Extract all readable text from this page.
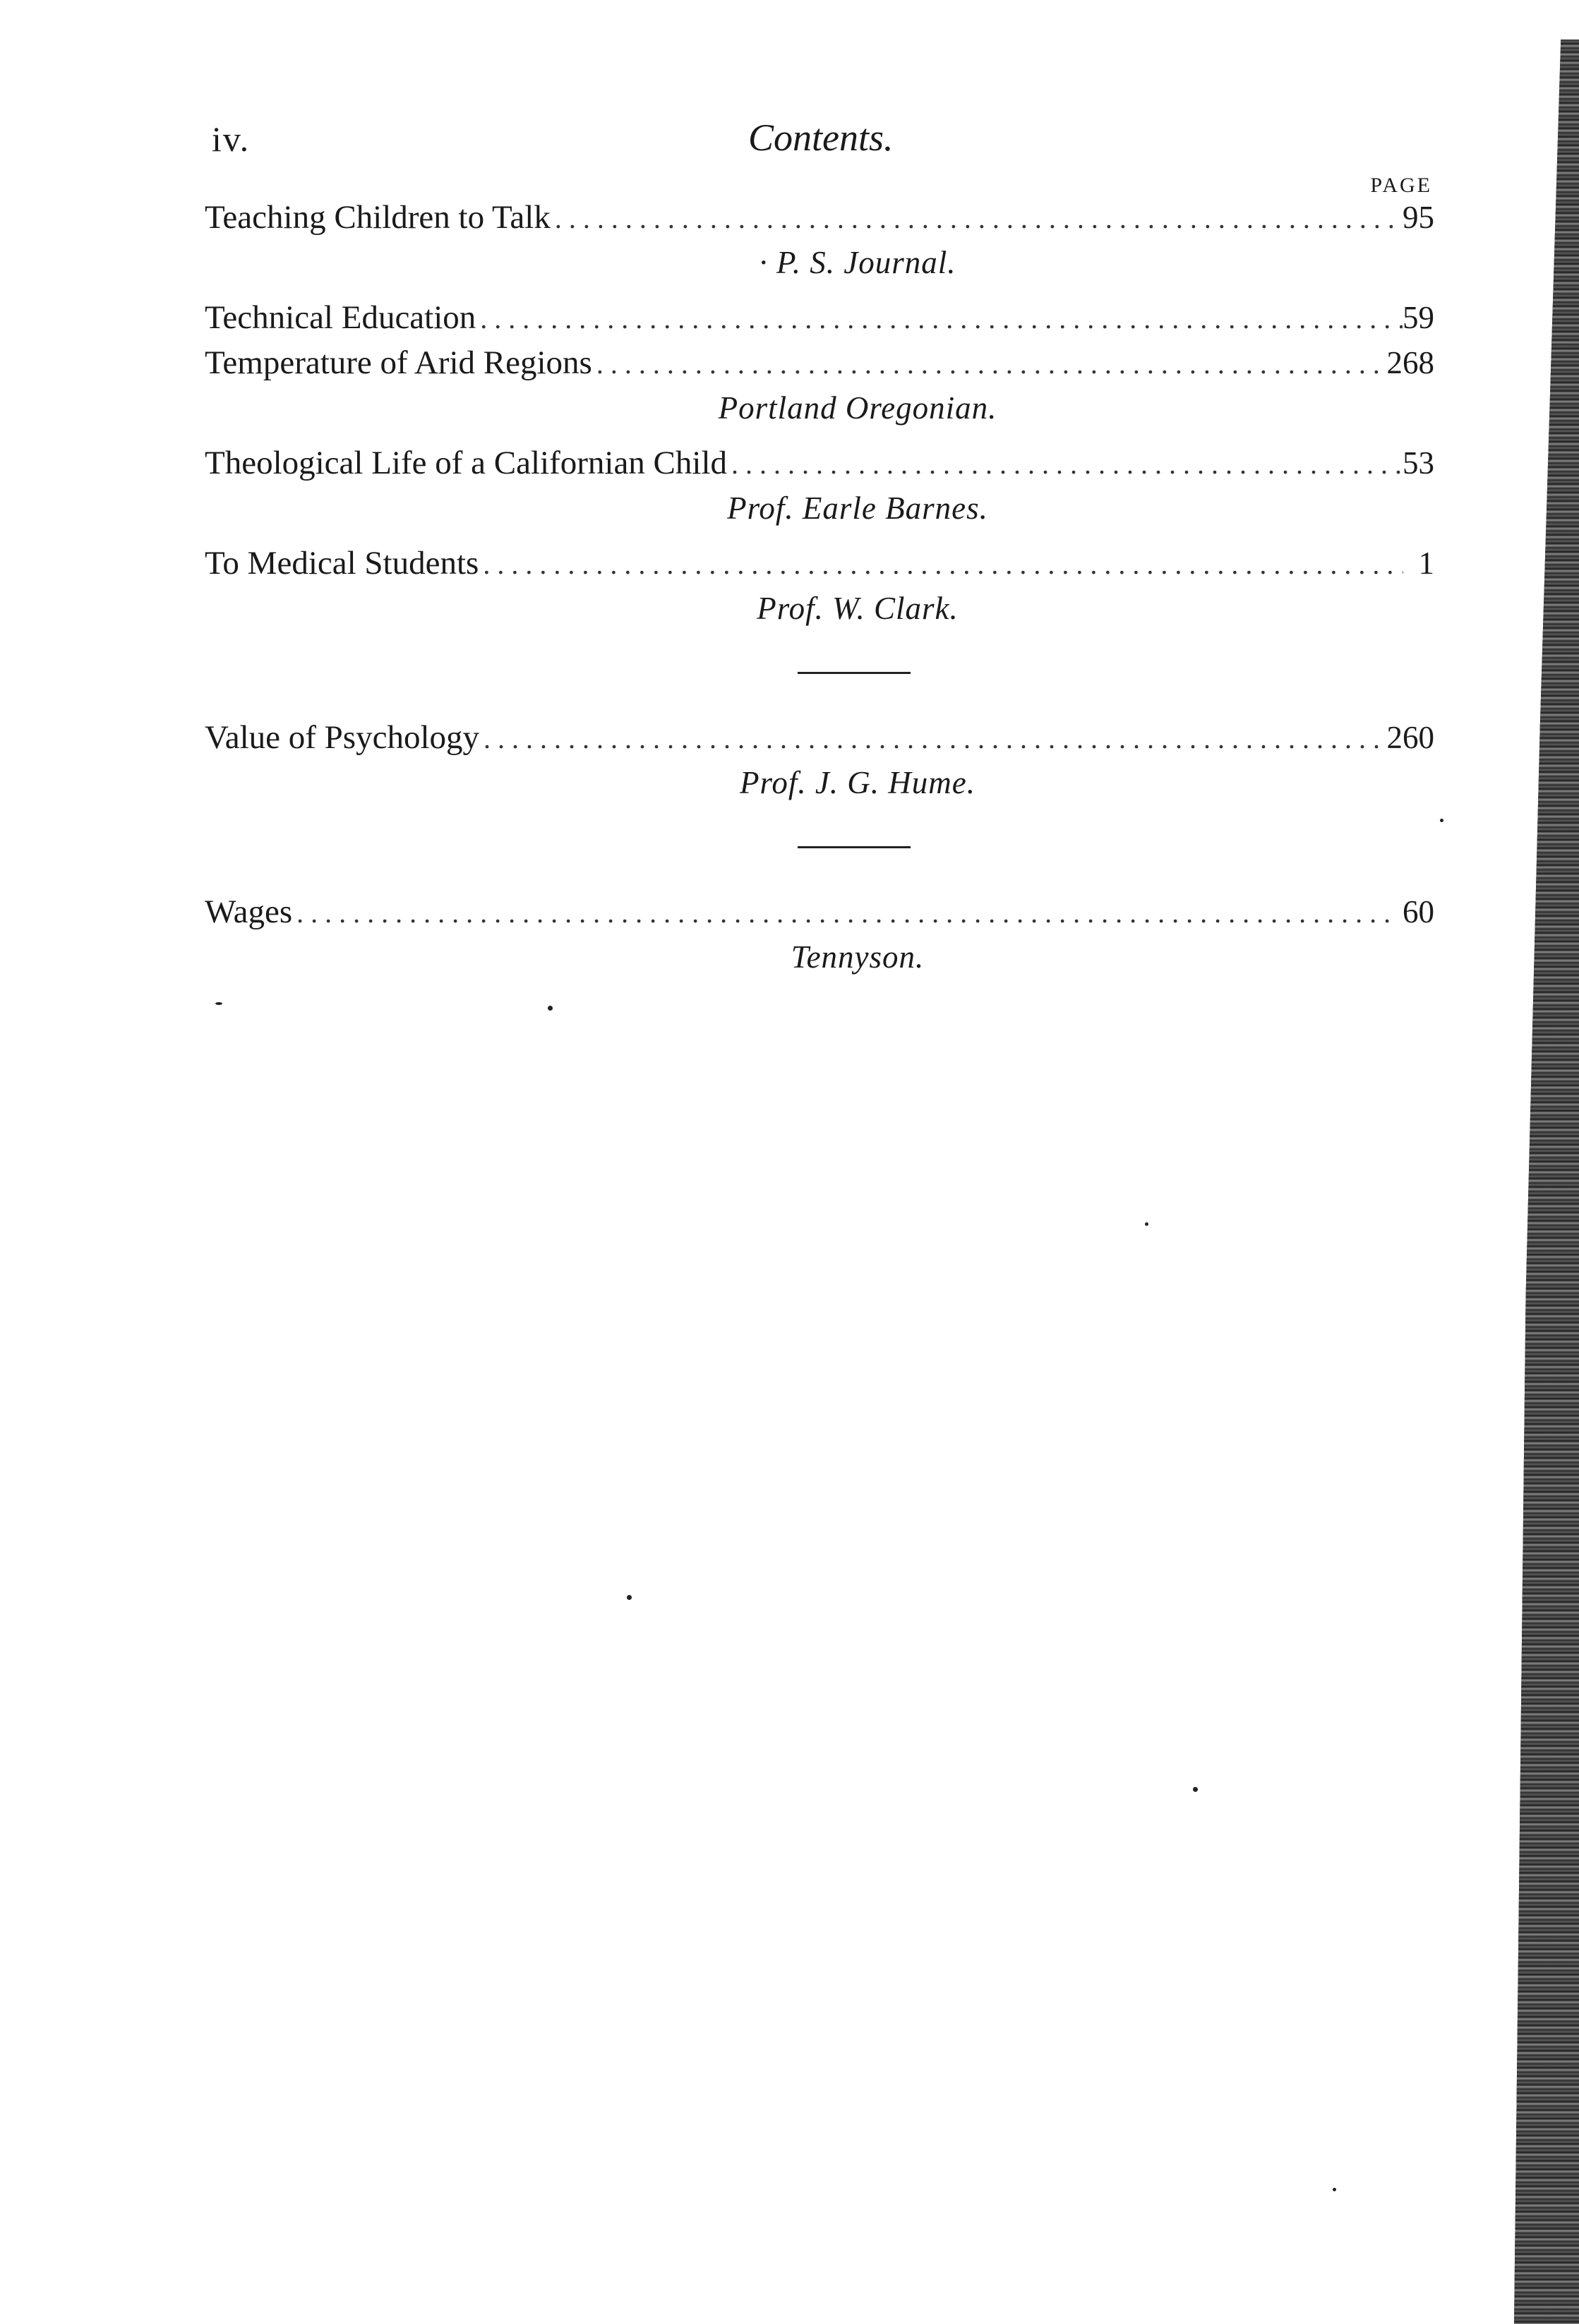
iv.	Contents.
PAGE
Teaching Children to Talk .....	95
· P. S. Journal.
Technical Education .....	59
Temperature of Arid Regions .....	268
Portland Oregonian.
Theological Life of a Californian Child .....	53
Prof. Earle Barnes.
To Medical Students .....	1
Prof. W. Clark.
Value of Psychology .....	260
Prof. J. G. Hume.
Wages .....	60
Tennyson.
